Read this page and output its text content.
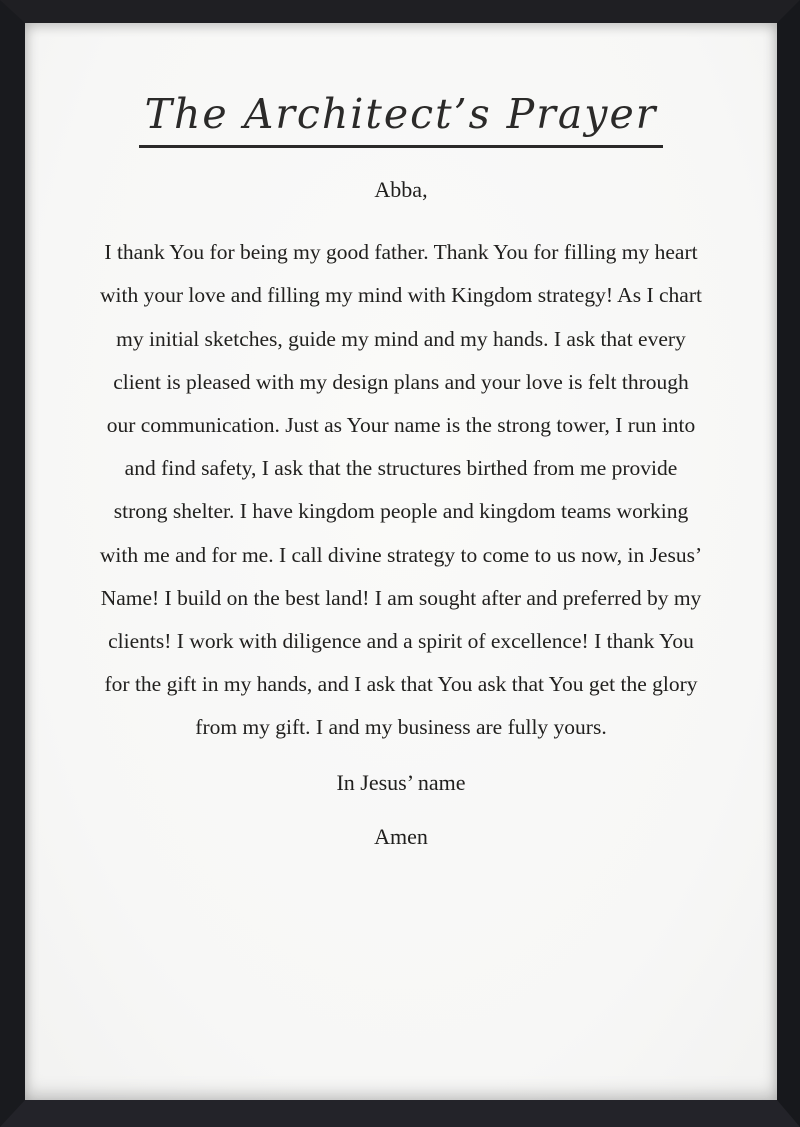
The Architect’s Prayer
Abba,
I thank You for being my good father. Thank You for filling my heart
with your love and filling my mind with Kingdom strategy! As I chart
my initial sketches, guide my mind and my hands. I ask that every
client is pleased with my design plans and your love is felt through
our communication. Just as Your name is the strong tower, I run into
and find safety, I ask that the structures birthed from me provide
strong shelter. I have kingdom people and kingdom teams working
with me and for me. I call divine strategy to come to us now, in Jesus’
Name! I build on the best land! I am sought after and preferred by my
clients! I work with diligence and a spirit of excellence! I thank You
for the gift in my hands, and I ask that You ask that You get the glory
from my gift. I and my business are fully yours.
In Jesus’ name
Amen
